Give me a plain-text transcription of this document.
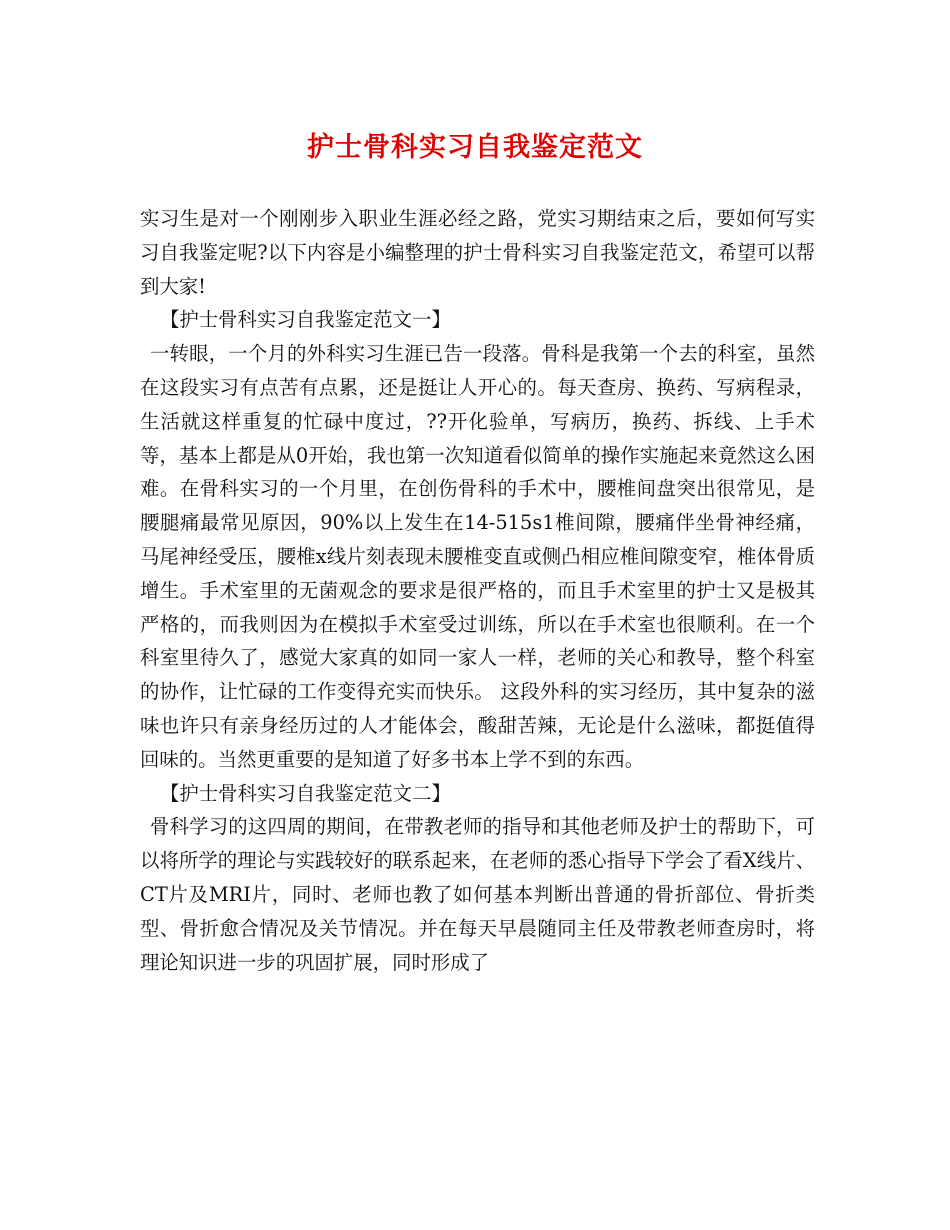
护士骨科实习自我鉴定范文

实习生是对一个刚刚步入职业生涯必经之路，党实习期结束之后，要如何写实习自我鉴定呢?以下内容是小编整理的护士骨科实习自我鉴定范文，希望可以帮到大家!

【护士骨科实习自我鉴定范文一】

一转眼，一个月的外科实习生涯已告一段落。骨科是我第一个去的科室，虽然在这段实习有点苦有点累，还是挺让人开心的。每天查房、换药、写病程录，生活就这样重复的忙碌中度过，??开化验单，写病历，换药、拆线、上手术等，基本上都是从0开始，我也第一次知道看似简单的操作实施起来竟然这么困难。在骨科实习的一个月里，在创伤骨科的手术中，腰椎间盘突出很常见，是腰腿痛最常见原因，90%以上发生在14-515s1椎间隙，腰痛伴坐骨神经痛，马尾神经受压，腰椎x线片刻表现未腰椎变直或侧凸相应椎间隙变窄，椎体骨质增生。手术室里的无菌观念的要求是很严格的，而且手术室里的护士又是极其严格的，而我则因为在模拟手术室受过训练，所以在手术室也很顺利。在一个科室里待久了，感觉大家真的如同一家人一样，老师的关心和教导，整个科室的协作，让忙碌的工作变得充实而快乐。 这段外科的实习经历，其中复杂的滋味也许只有亲身经历过的人才能体会，酸甜苦辣，无论是什么滋味，都挺值得回味的。当然更重要的是知道了好多书本上学不到的东西。

【护士骨科实习自我鉴定范文二】

骨科学习的这四周的期间，在带教老师的指导和其他老师及护士的帮助下，可以将所学的理论与实践较好的联系起来，在老师的悉心指导下学会了看X线片、CT片及MRI片，同时、老师也教了如何基本判断出普通的骨折部位、骨折类型、骨折愈合情况及关节情况。并在每天早晨随同主任及带教老师查房时，将理论知识进一步的巩固扩展，同时形成了
